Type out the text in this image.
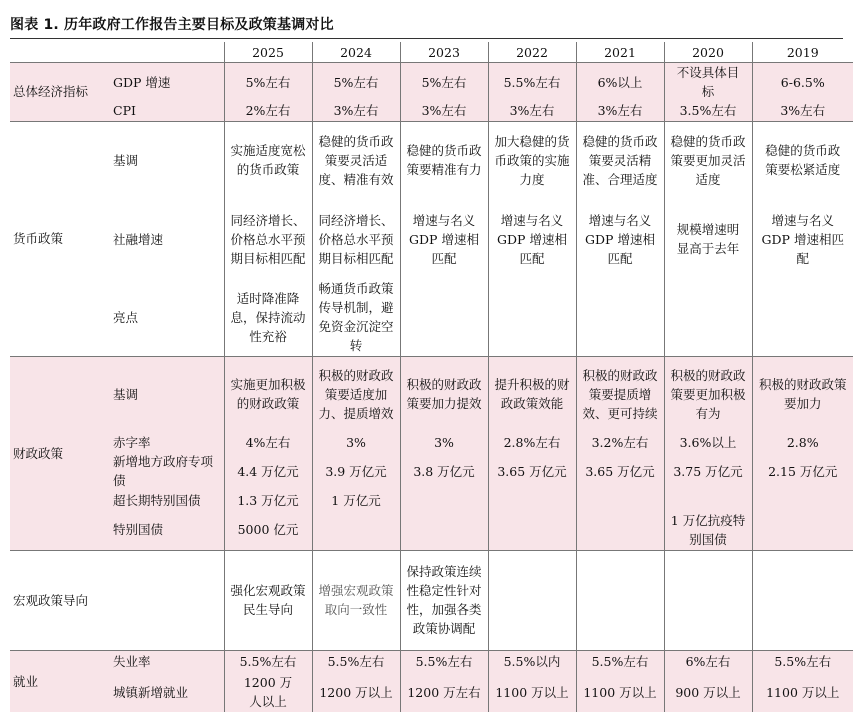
图表 1. 历年政府工作报告主要目标及政策基调对比
		2025	2024	2023	2022	2021	2020	2019
总体经济指标	GDP 增速	5%左右	5%左右	5%左右	5.5%左右	6%以上	不设具体目标	6-6.5%
	CPI	2%左右	3%左右	3%左右	3%左右	3%左右	3.5%左右	3%左右
货币政策	基调	实施适度宽松的货币政策	稳健的货币政策要灵活适度、精准有效	稳健的货币政策要精准有力	加大稳健的货币政策的实施力度	稳健的货币政策要灵活精准、合理适度	稳健的货币政策要更加灵活适度	稳健的货币政策要松紧适度
	社融增速	同经济增长、价格总水平预期目标相匹配	同经济增长、价格总水平预期目标相匹配	增速与名义 GDP 增速相匹配	增速与名义 GDP 增速相匹配	增速与名义 GDP 增速相匹配	规模增速明显高于去年	增速与名义 GDP 增速相匹配
	亮点	适时降准降息，保持流动性充裕	畅通货币政策传导机制，避免资金沉淀空转					
财政政策	基调	实施更加积极的财政政策	积极的财政政策要适度加力、提质增效	积极的财政政策要加力提效	提升积极的财政政策效能	积极的财政政策要提质增效、更可持续	积极的财政政策要更加积极有为	积极的财政政策要加力
	赤字率	4%左右	3%	3%	2.8%左右	3.2%左右	3.6%以上	2.8%
	新增地方政府专项债	4.4 万亿元	3.9 万亿元	3.8 万亿元	3.65 万亿元	3.65 万亿元	3.75 万亿元	2.15 万亿元
	超长期特别国债	1.3 万亿元	1 万亿元					
	特别国债	5000 亿元					1 万亿抗疫特别国债	
宏观政策导向		强化宏观政策民生导向	增强宏观政策取向一致性	保持政策连续性稳定性针对性，加强各类政策协调配				
就业	失业率	5.5%左右	5.5%左右	5.5%左右	5.5%以内	5.5%左右	6%左右	5.5%左右
	城镇新增就业	1200 万人以上	1200 万以上	1200 万左右	1100 万以上	1100 万以上	900 万以上	1100 万以上
